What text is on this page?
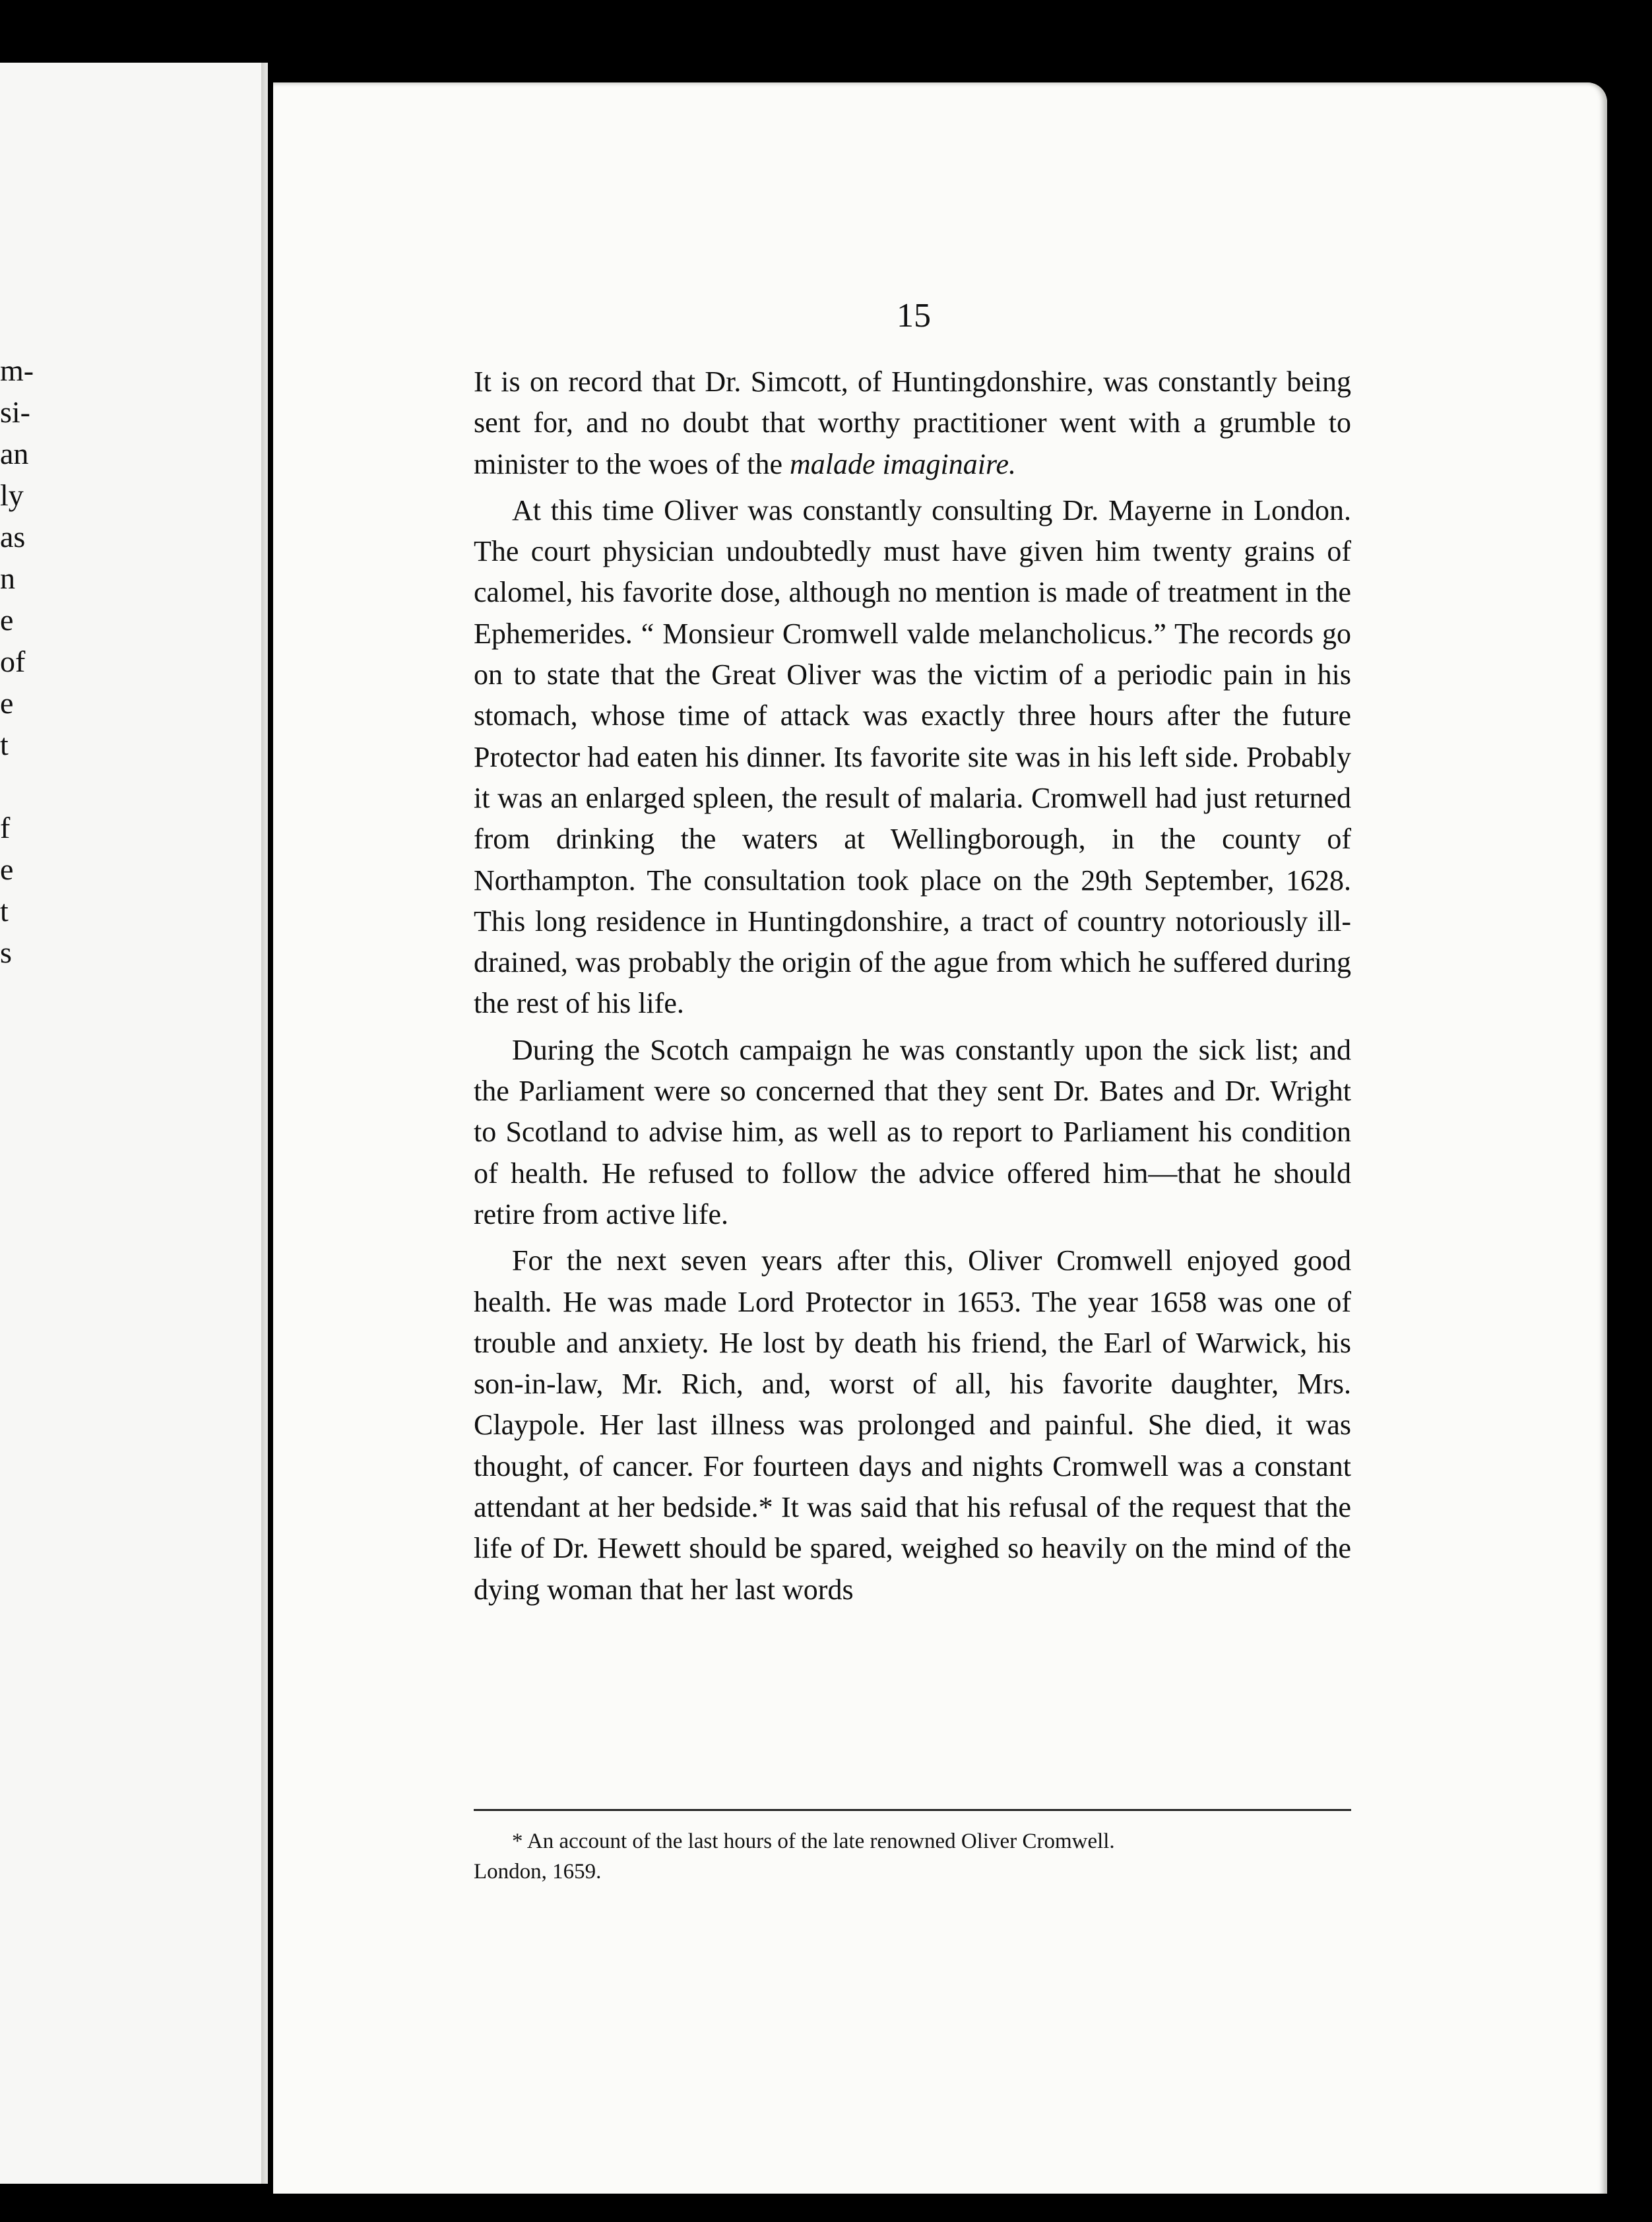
m-
si-
an
ly
as
n
e
of
e
t
f
e
t
s
15

It is on record that Dr. Simcott, of Huntingdonshire, was constantly being sent for, and no doubt that worthy practitioner went with a grumble to minister to the woes of the malade imaginaire.

At this time Oliver was constantly consulting Dr. Mayerne in London. The court physician undoubtedly must have given him twenty grains of calomel, his favorite dose, although no mention is made of treatment in the Ephemerides. “ Monsieur Cromwell valde melancholicus.” The records go on to state that the Great Oliver was the victim of a periodic pain in his stomach, whose time of attack was exactly three hours after the future Protector had eaten his dinner. Its favorite site was in his left side. Probably it was an enlarged spleen, the result of malaria. Cromwell had just returned from drinking the waters at Wellingborough, in the county of Northampton. The consultation took place on the 29th September, 1628. This long residence in Huntingdonshire, a tract of country notoriously ill-drained, was probably the origin of the ague from which he suffered during the rest of his life.

During the Scotch campaign he was constantly upon the sick list; and the Parliament were so concerned that they sent Dr. Bates and Dr. Wright to Scotland to advise him, as well as to report to Parliament his condition of health. He refused to follow the advice offered him—that he should retire from active life.

For the next seven years after this, Oliver Cromwell enjoyed good health. He was made Lord Protector in 1653. The year 1658 was one of trouble and anxiety. He lost by death his friend, the Earl of Warwick, his son-in-law, Mr. Rich, and, worst of all, his favorite daughter, Mrs. Claypole. Her last illness was prolonged and painful. She died, it was thought, of cancer. For fourteen days and nights Cromwell was a constant attendant at her bedside.* It was said that his refusal of the request that the life of Dr. Hewett should be spared, weighed so heavily on the mind of the dying woman that her last words

* An account of the last hours of the late renowned Oliver Cromwell.
London, 1659.
